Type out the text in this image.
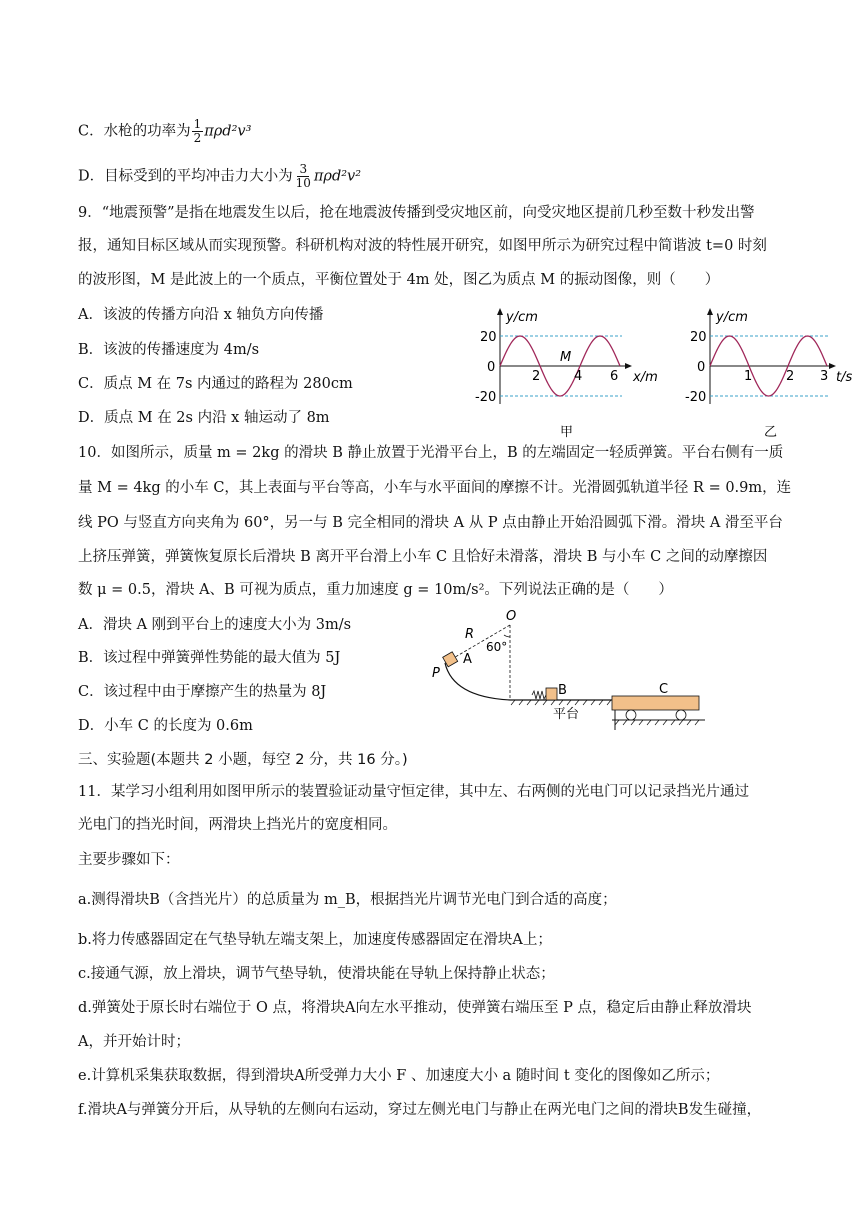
C．水枪的功率为 $\frac{1}{2} \pi\rho d^2v^3$
D．目标受到的平均冲击力大小为 $\frac{3}{10} \pi\rho d^2v^2$
9．“地震预警”是指在地震发生以后，抢在地震波传播到受灾地区前，向受灾地区提前几秒至数十秒发出警
报，通知目标区域从而实现预警。科研机构对波的特性展开研究，如图甲所示为研究过程中简谐波 t=0 时刻
的波形图，M 是此波上的一个质点，平衡位置处于 4m 处，图乙为质点 M 的振动图像，则（　　）
A．该波的传播方向沿 x 轴负方向传播
B．该波的传播速度为 4m/s
C．质点 M 在 7s 内通过的路程为 280cm
D．质点 M 在 2s 内沿 x 轴运动了 8m
y/cm
x/m
20
0
-20
2	4 6
M
甲
y/cm
t/s
20
0
-20
1	2 3
乙
10．如图所示，质量 m = 2kg 的滑块 B 静止放置于光滑平台上，B 的左端固定一轻质弹簧。平台右侧有一质
量 M = 4kg 的小车 C，其上表面与平台等高，小车与水平面间的摩擦不计。光滑圆弧轨道半径 R = 0.9m，连
线 PO 与竖直方向夹角为 60°，另一与 B 完全相同的滑块 A 从 P 点由静止开始沿圆弧下滑。滑块 A 滑至平台
上挤压弹簧，弹簧恢复原长后滑块 B 离开平台滑上小车 C 且恰好未滑落，滑块 B 与小车 C 之间的动摩擦因
数 μ = 0.5，滑块 A、B 可视为质点，重力加速度 g = 10m/s²。下列说法正确的是（　　）
A．滑块 A 刚到平台上的速度大小为 3m/s
B．该过程中弹簧弹性势能的最大值为 5J
C．该过程中由于摩擦产生的热量为 8J
D．小车 C 的长度为 0.6m
O
R
60°
P
A
B	C
平台
三、实验题(本题共 2 小题，每空 2 分，共 16 分。)
11．某学习小组利用如图甲所示的装置验证动量守恒定律，其中左、右两侧的光电门可以记录挡光片通过
光电门的挡光时间，两滑块上挡光片的宽度相同。
主要步骤如下：
a.测得滑块B（含挡光片）的总质量为 m_B，根据挡光片调节光电门到合适的高度；
b.将力传感器固定在气垫导轨左端支架上，加速度传感器固定在滑块A上；
c.接通气源，放上滑块，调节气垫导轨，使滑块能在导轨上保持静止状态；
d.弹簧处于原长时右端位于 O 点，将滑块A向左水平推动，使弹簧右端压至 P 点，稳定后由静止释放滑块
A，并开始计时；
e.计算机采集获取数据，得到滑块A所受弹力大小 F 、加速度大小 a 随时间 t 变化的图像如乙所示；
f.滑块A与弹簧分开后，从导轨的左侧向右运动，穿过左侧光电门与静止在两光电门之间的滑块B发生碰撞，
